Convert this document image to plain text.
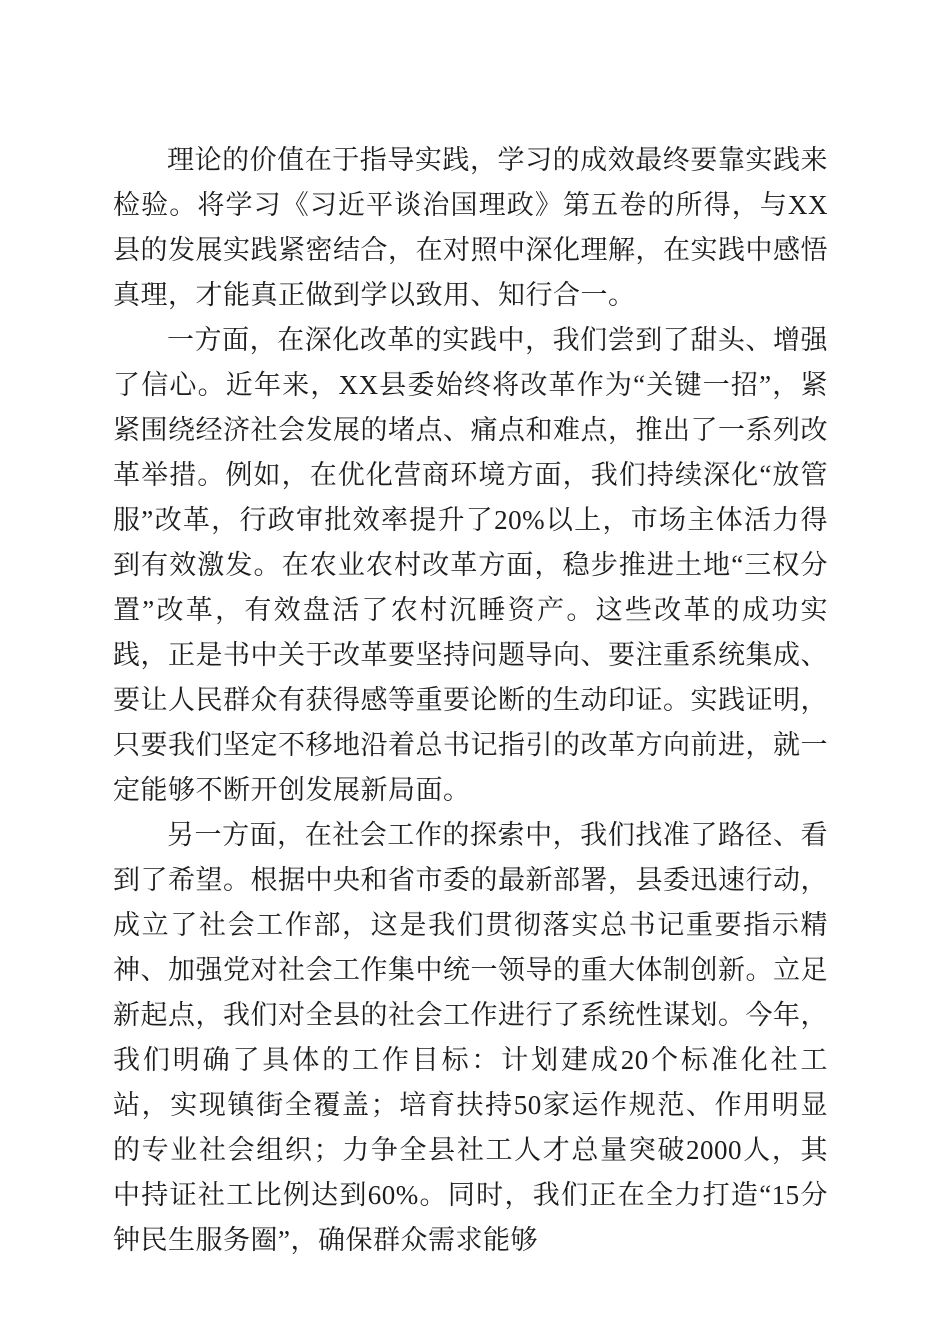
理论的价值在于指导实践，学习的成效最终要靠实践来检验。将学习《习近平谈治国理政》第五卷的所得，与XX县的发展实践紧密结合，在对照中深化理解，在实践中感悟真理，才能真正做到学以致用、知行合一。

一方面，在深化改革的实践中，我们尝到了甜头、增强了信心。近年来，XX县委始终将改革作为“关键一招”，紧紧围绕经济社会发展的堵点、痛点和难点，推出了一系列改革举措。例如，在优化营商环境方面，我们持续深化“放管服”改革，行政审批效率提升了20%以上，市场主体活力得到有效激发。在农业农村改革方面，稳步推进土地“三权分置”改革，有效盘活了农村沉睡资产。这些改革的成功实践，正是书中关于改革要坚持问题导向、要注重系统集成、要让人民群众有获得感等重要论断的生动印证。实践证明，只要我们坚定不移地沿着总书记指引的改革方向前进，就一定能够不断开创发展新局面。

另一方面，在社会工作的探索中，我们找准了路径、看到了希望。根据中央和省市委的最新部署，县委迅速行动，成立了社会工作部，这是我们贯彻落实总书记重要指示精神、加强党对社会工作集中统一领导的重大体制创新。立足新起点，我们对全县的社会工作进行了系统性谋划。今年，我们明确了具体的工作目标：计划建成20个标准化社工站，实现镇街全覆盖；培育扶持50家运作规范、作用明显的专业社会组织；力争全县社工人才总量突破2000人，其中持证社工比例达到60%。同时，我们正在全力打造“15分钟民生服务圈”，确保群众需求能够
